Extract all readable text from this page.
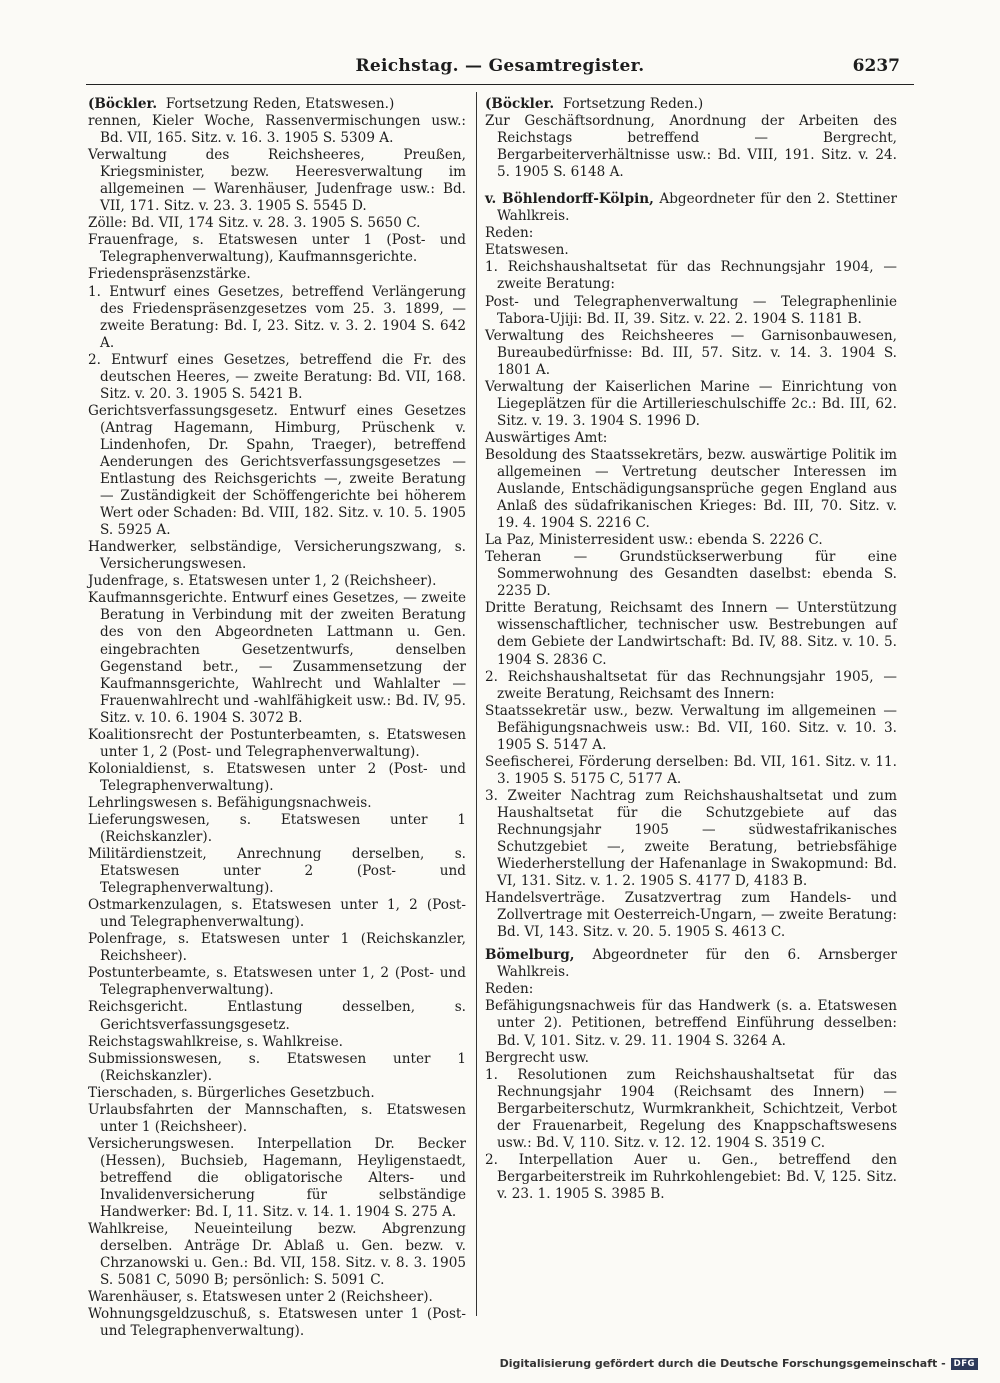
Reichstag. — Gesamtregister.	6237

(Böckler. Fortsetzung Reden, Etatswesen.)

rennen, Kieler Woche, Rassenvermischungen usw.: Bd. VII, 165. Sitz. v. 16. 3. 1905 S. 5309 A.

Verwaltung des Reichsheeres, Preußen, Kriegsminister, bezw. Heeresverwaltung im allgemeinen — Warenhäuser, Judenfrage usw.: Bd. VII, 171. Sitz. v. 23. 3. 1905 S. 5545 D.

Zölle: Bd. VII, 174 Sitz. v. 28. 3. 1905 S. 5650 C.

Frauenfrage, s. Etatswesen unter 1 (Post- und Telegraphenverwaltung), Kaufmannsgerichte.

Friedenspräsenzstärke.

1. Entwurf eines Gesetzes, betreffend Verlängerung des Friedenspräsenzgesetzes vom 25. 3. 1899, — zweite Beratung: Bd. I, 23. Sitz. v. 3. 2. 1904 S. 642 A.

2. Entwurf eines Gesetzes, betreffend die Fr. des deutschen Heeres, — zweite Beratung: Bd. VII, 168. Sitz. v. 20. 3. 1905 S. 5421 B.

Gerichtsverfassungsgesetz. Entwurf eines Gesetzes (Antrag Hagemann, Himburg, Prüschenk v. Lindenhofen, Dr. Spahn, Traeger), betreffend Aenderungen des Gerichtsverfassungsgesetzes — Entlastung des Reichsgerichts —, zweite Beratung — Zuständigkeit der Schöffengerichte bei höherem Wert oder Schaden: Bd. VIII, 182. Sitz. v. 10. 5. 1905 S. 5925 A.

Handwerker, selbständige, Versicherungszwang, s. Versicherungswesen.

Judenfrage, s. Etatswesen unter 1, 2 (Reichsheer).

Kaufmannsgerichte. Entwurf eines Gesetzes, — zweite Beratung in Verbindung mit der zweiten Beratung des von den Abgeordneten Lattmann u. Gen. eingebrachten Gesetzentwurfs, denselben Gegenstand betr., — Zusammensetzung der Kaufmannsgerichte, Wahlrecht und Wahlalter — Frauenwahlrecht und -wahlfähigkeit usw.: Bd. IV, 95. Sitz. v. 10. 6. 1904 S. 3072 B.

Koalitionsrecht der Postunterbeamten, s. Etatswesen unter 1, 2 (Post- und Telegraphenverwaltung).

Kolonialdienst, s. Etatswesen unter 2 (Post- und Telegraphenverwaltung).

Lehrlingswesen s. Befähigungsnachweis.

Lieferungswesen, s. Etatswesen unter 1 (Reichskanzler).

Militärdienstzeit, Anrechnung derselben, s. Etatswesen unter 2 (Post- und Telegraphenverwaltung).

Ostmarkenzulagen, s. Etatswesen unter 1, 2 (Post- und Telegraphenverwaltung).

Polenfrage, s. Etatswesen unter 1 (Reichskanzler, Reichsheer).

Postunterbeamte, s. Etatswesen unter 1, 2 (Post- und Telegraphenverwaltung).

Reichsgericht. Entlastung desselben, s. Gerichtsverfassungsgesetz.

Reichstagswahlkreise, s. Wahlkreise.

Submissionswesen, s. Etatswesen unter 1 (Reichskanzler).

Tierschaden, s. Bürgerliches Gesetzbuch.

Urlaubsfahrten der Mannschaften, s. Etatswesen unter 1 (Reichsheer).

Versicherungswesen. Interpellation Dr. Becker (Hessen), Buchsieb, Hagemann, Heyligenstaedt, betreffend die obligatorische Alters- und Invalidenversicherung für selbständige Handwerker: Bd. I, 11. Sitz. v. 14. 1. 1904 S. 275 A.

Wahlkreise, Neueinteilung bezw. Abgrenzung derselben. Anträge Dr. Ablaß u. Gen. bezw. v. Chrzanowski u. Gen.: Bd. VII, 158. Sitz. v. 8. 3. 1905 S. 5081 C, 5090 B; persönlich: S. 5091 C.

Warenhäuser, s. Etatswesen unter 2 (Reichsheer).

Wohnungsgeldzuschuß, s. Etatswesen unter 1 (Post- und Telegraphenverwaltung).

(Böckler. Fortsetzung Reden.)

Zur Geschäftsordnung, Anordnung der Arbeiten des Reichstags betreffend — Bergrecht, Bergarbeiterverhältnisse usw.: Bd. VIII, 191. Sitz. v. 24. 5. 1905 S. 6148 A.

v. Böhlendorff-Kölpin, Abgeordneter für den 2. Stettiner Wahlkreis.

Reden:

Etatswesen.

1. Reichshaushaltsetat für das Rechnungsjahr 1904, — zweite Beratung:

Post- und Telegraphenverwaltung — Telegraphenlinie Tabora-Ujiji: Bd. II, 39. Sitz. v. 22. 2. 1904 S. 1181 B.

Verwaltung des Reichsheeres — Garnisonbauwesen, Bureaubedürfnisse: Bd. III, 57. Sitz. v. 14. 3. 1904 S. 1801 A.

Verwaltung der Kaiserlichen Marine — Einrichtung von Liegeplätzen für die Artillerieschulschiffe 2c.: Bd. III, 62. Sitz. v. 19. 3. 1904 S. 1996 D.

Auswärtiges Amt:

Besoldung des Staatssekretärs, bezw. auswärtige Politik im allgemeinen — Vertretung deutscher Interessen im Auslande, Entschädigungsansprüche gegen England aus Anlaß des südafrikanischen Krieges: Bd. III, 70. Sitz. v. 19. 4. 1904 S. 2216 C.

La Paz, Ministerresident usw.: ebenda S. 2226 C.

Teheran — Grundstückserwerbung für eine Sommerwohnung des Gesandten daselbst: ebenda S. 2235 D.

Dritte Beratung, Reichsamt des Innern — Unterstützung wissenschaftlicher, technischer usw. Bestrebungen auf dem Gebiete der Landwirtschaft: Bd. IV, 88. Sitz. v. 10. 5. 1904 S. 2836 C.

2. Reichshaushaltsetat für das Rechnungsjahr 1905, — zweite Beratung, Reichsamt des Innern:

Staatssekretär usw., bezw. Verwaltung im allgemeinen — Befähigungsnachweis usw.: Bd. VII, 160. Sitz. v. 10. 3. 1905 S. 5147 A.

Seefischerei, Förderung derselben: Bd. VII, 161. Sitz. v. 11. 3. 1905 S. 5175 C, 5177 A.

3. Zweiter Nachtrag zum Reichshaushaltsetat und zum Haushaltsetat für die Schutzgebiete auf das Rechnungsjahr 1905 — südwestafrikanisches Schutzgebiet —, zweite Beratung, betriebsfähige Wiederherstellung der Hafenanlage in Swakopmund: Bd. VI, 131. Sitz. v. 1. 2. 1905 S. 4177 D, 4183 B.

Handelsverträge. Zusatzvertrag zum Handels- und Zollvertrage mit Oesterreich-Ungarn, — zweite Beratung: Bd. VI, 143. Sitz. v. 20. 5. 1905 S. 4613 C.

Bömelburg, Abgeordneter für den 6. Arnsberger Wahlkreis.

Reden:

Befähigungsnachweis für das Handwerk (s. a. Etatswesen unter 2). Petitionen, betreffend Einführung desselben: Bd. V, 101. Sitz. v. 29. 11. 1904 S. 3264 A.

Bergrecht usw.

1. Resolutionen zum Reichshaushaltsetat für das Rechnungsjahr 1904 (Reichsamt des Innern) — Bergarbeiterschutz, Wurmkrankheit, Schichtzeit, Verbot der Frauenarbeit, Regelung des Knappschaftswesens usw.: Bd. V, 110. Sitz. v. 12. 12. 1904 S. 3519 C.

2. Interpellation Auer u. Gen., betreffend den Bergarbeiterstreik im Ruhrkohlengebiet: Bd. V, 125. Sitz. v. 23. 1. 1905 S. 3985 B.

Digitalisierung gefördert durch die Deutsche Forschungsgemeinschaft - DFG
